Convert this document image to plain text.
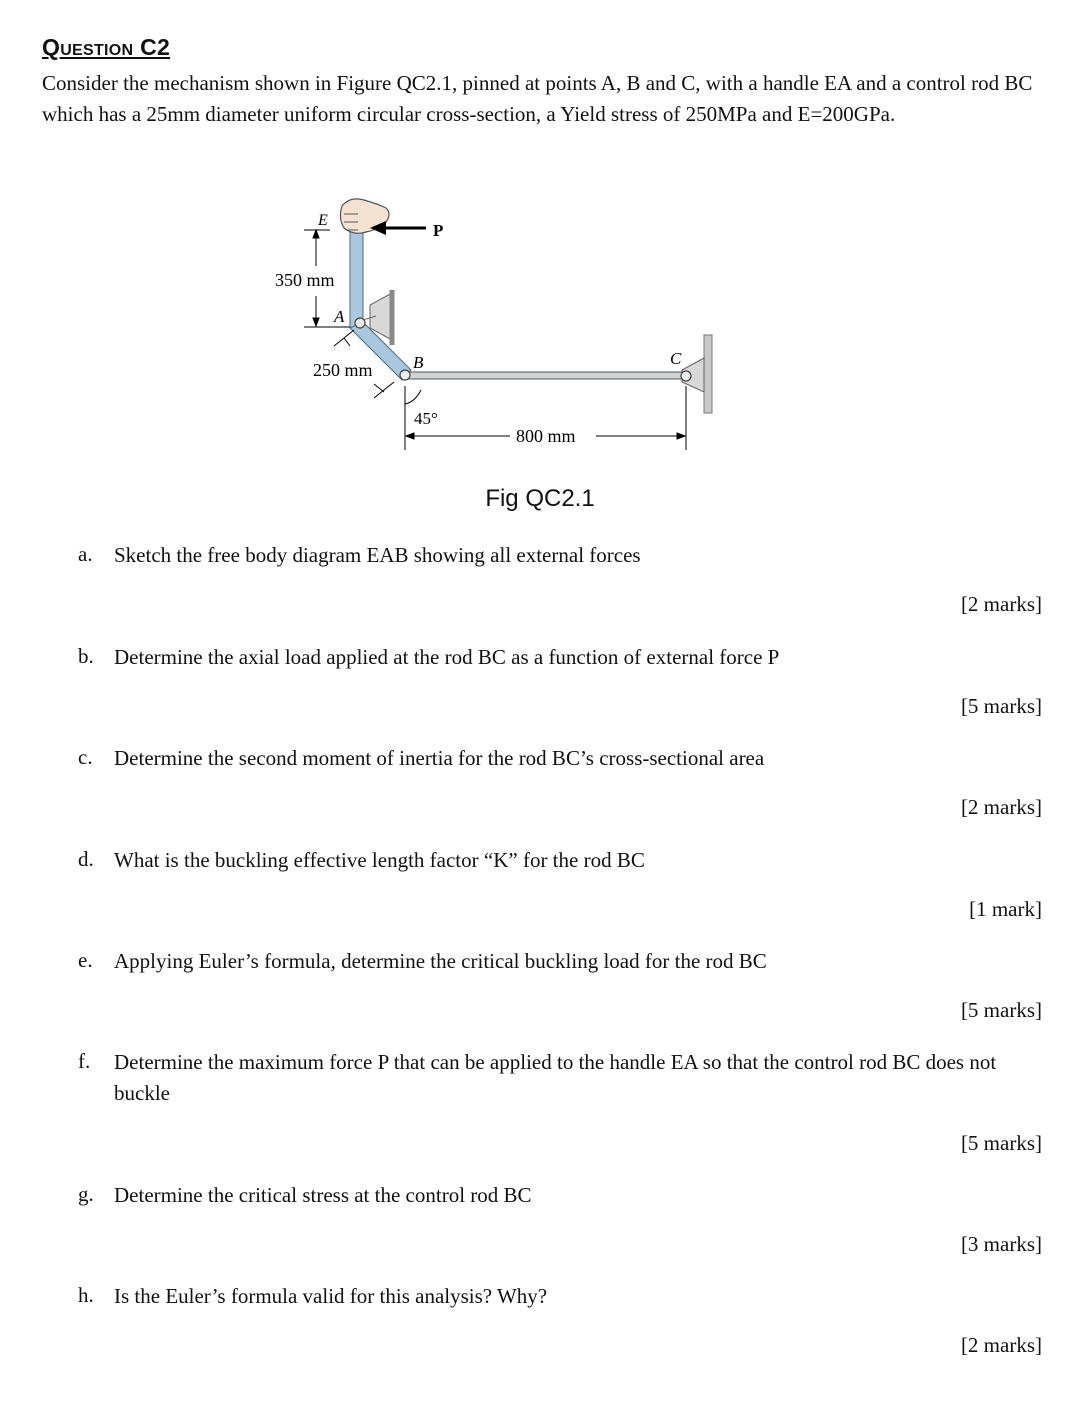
Question C2
Consider the mechanism shown in Figure QC2.1, pinned at points A, B and C, with a handle EA and a control rod BC which has a 25mm diameter uniform circular cross-section, a Yield stress of 250MPa and E=200GPa.
E
P
A
B	C
350 mm
250 mm
800 mm
45°
Fig QC2.1
a. Sketch the free body diagram EAB showing all external forces
[2 marks]
b. Determine the axial load applied at the rod BC as a function of external force P
[5 marks]
c. Determine the second moment of inertia for the rod BC’s cross-sectional area
[2 marks]
d. What is the buckling effective length factor “K” for the rod BC
[1 mark]
e. Applying Euler’s formula, determine the critical buckling load for the rod BC
[5 marks]
f. Determine the maximum force P that can be applied to the handle EA so that the control rod BC does not buckle
[5 marks]
g. Determine the critical stress at the control rod BC
[3 marks]
h. Is the Euler’s formula valid for this analysis? Why?
[2 marks]
